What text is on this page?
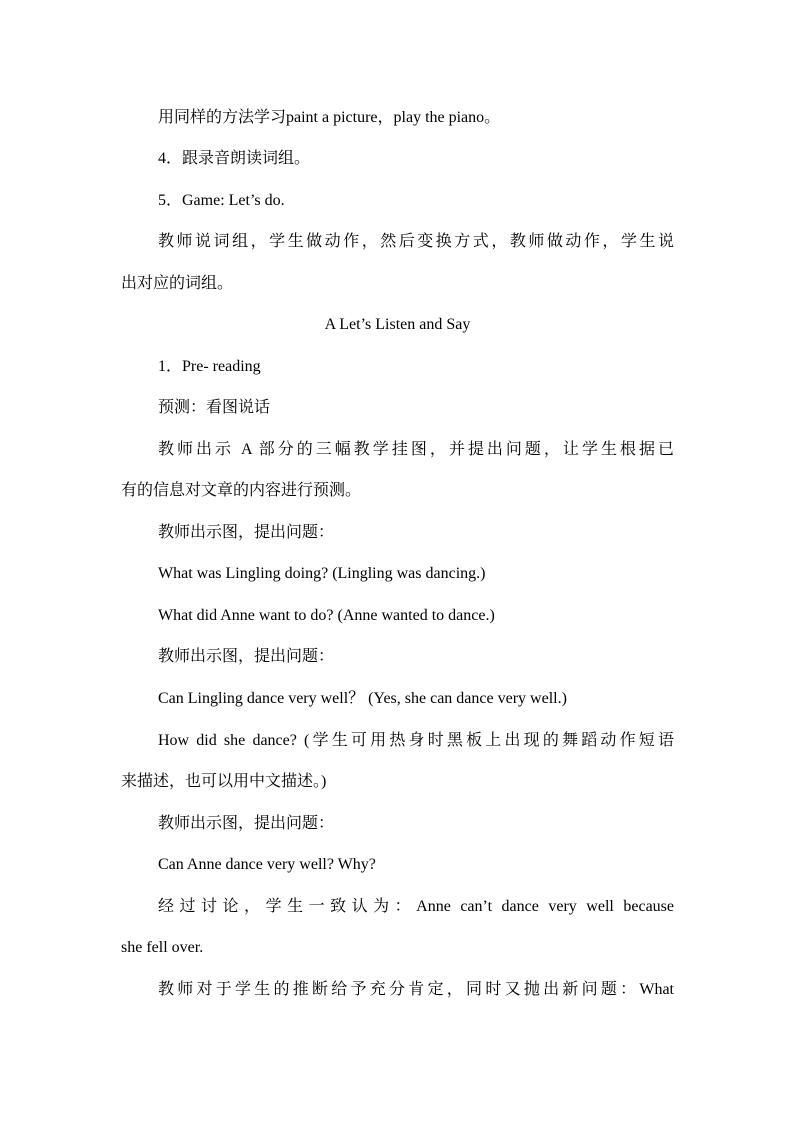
用同样的方法学习paint a picture，play the piano。
4．跟录音朗读词组。
5．Game: Let’s do.
教师说词组，学生做动作，然后变换方式，教师做动作，学生说
出对应的词组。
A Let’s Listen and Say
1．Pre- reading
预测：看图说话
教师出示 A 部分的三幅教学挂图，并提出问题，让学生根据已
有的信息对文章的内容进行预测。
教师出示图，提出问题：
What was Lingling doing? (Lingling was dancing.)
What did Anne want to do? (Anne wanted to dance.)
教师出示图，提出问题：
Can Lingling dance very well？ (Yes, she can dance very well.)
How did she dance? (学生可用热身时黑板上出现的舞蹈动作短语
来描述，也可以用中文描述。)
教师出示图，提出问题：
Can Anne dance very well? Why?
经过讨论，学生一致认为：Anne can’t dance very well because
she fell over.
教师对于学生的推断给予充分肯定，同时又抛出新问题：What
